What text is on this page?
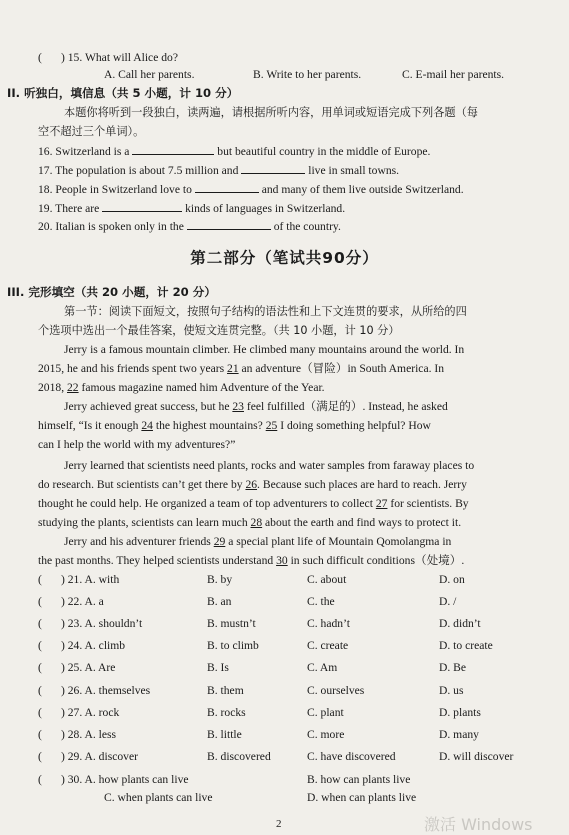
( ) 15. What will Alice do?
A. Call her parents.	B. Write to her parents.	C. E-mail her parents.
II. 听独白，填信息（共 5 小题，计 10 分）
本题你将听到一段独白，读两遍，请根据所听内容，用单词或短语完成下列各题（每
空不超过三个单词）。
16. Switzerland is a	but beautiful country in the middle of Europe.
17. The population is about 7.5 million and	live in small towns.
18. People in Switzerland love to	and many of them live outside Switzerland.
19. There are	kinds of languages in Switzerland.
20. Italian is spoken only in the	of the country.
第二部分（笔试共90分）
III. 完形填空（共 20 小题，计 20 分）
第一节：阅读下面短文，按照句子结构的语法性和上下文连贯的要求，从所给的四
个选项中选出一个最佳答案，使短文连贯完整。（共 10 小题，计 10 分）
Jerry is a famous mountain climber. He climbed many mountains around the world. In
2015, he and his friends spent two years 21 an adventure（冒险）in South America. In
2018, 22 famous magazine named him Adventure of the Year.
Jerry achieved great success, but he 23 feel fulfilled（满足的）. Instead, he asked
himself, “Is it enough 24 the highest mountains? 25 I doing something helpful? How
can I help the world with my adventures?”
Jerry learned that scientists need plants, rocks and water samples from faraway places to
do research. But scientists can’t get there by 26. Because such places are hard to reach. Jerry
thought he could help. He organized a team of top adventurers to collect 27 for scientists. By
studying the plants, scientists can learn much 28 about the earth and find ways to protect it.
Jerry and his adventurer friends 29 a special plant life of Mountain Qomolangma in
the past months. They helped scientists understand 30 in such difficult conditions（处境）.
( ) 21. A. with	B. by	C. about	D. on
( ) 22. A. a	B. an	C. the	D. /
( ) 23. A. shouldn’t	B. mustn’t	C. hadn’t	D. didn’t
( ) 24. A. climb	B. to climb	C. create	D. to create
( ) 25. A. Are	B. Is	C. Am	D. Be
( ) 26. A. themselves	B. them	C. ourselves	D. us
( ) 27. A. rock	B. rocks	C. plant	D. plants
( ) 28. A. less	B. little	C. more	D. many
( ) 29. A. discover	B. discovered	C. have discovered	D. will discover
( ) 30. A. how plants can live	B. how can plants live
C. when plants can live	D. when can plants live
2	激活 Windows
